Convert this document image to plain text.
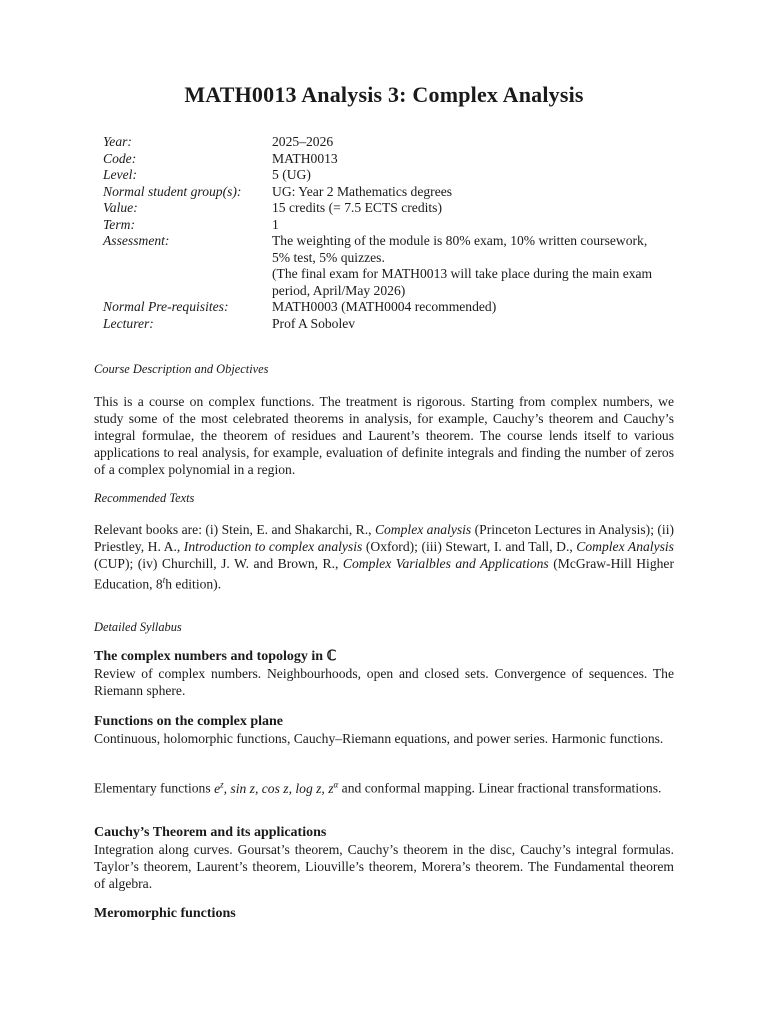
MATH0013 Analysis 3: Complex Analysis
Year:	2025–2026
Code:	MATH0013
Level:	5 (UG)
Normal student group(s):	UG: Year 2 Mathematics degrees
Value:	15 credits (= 7.5 ECTS credits)
Term:	1
Assessment:	The weighting of the module is 80% exam, 10% written coursework,
5% test, 5% quizzes.
(The final exam for MATH0013 will take place during the main exam
period, April/May 2026)
Normal Pre-requisites:	MATH0003 (MATH0004 recommended)
Lecturer:	Prof A Sobolev
Course Description and Objectives
This is a course on complex functions. The treatment is rigorous. Starting from complex numbers, we study some of the most celebrated theorems in analysis, for example, Cauchy’s theorem and Cauchy’s integral formulae, the theorem of residues and Laurent’s theorem. The course lends itself to various applications to real analysis, for example, evaluation of definite integrals and finding the number of zeros of a complex polynomial in a region.
Recommended Texts
Relevant books are: (i) Stein, E. and Shakarchi, R., Complex analysis (Princeton Lectures in Analysis); (ii) Priestley, H. A., Introduction to complex analysis (Oxford); (iii) Stewart, I. and Tall, D., Complex Analysis (CUP); (iv) Churchill, J. W. and Brown, R., Complex Varialbles and Applications (McGraw-Hill Higher Education, 8$^t$h edition).
Detailed Syllabus
The complex numbers and topology in ℂ
Review of complex numbers. Neighbourhoods, open and closed sets. Convergence of sequences. The Riemann sphere.
Functions on the complex plane
Continuous, holomorphic functions, Cauchy–Riemann equations, and power series. Harmonic functions.
Elementary functions $e^z$, sin z, cos z, log z, $z^\alpha$ and conformal mapping. Linear fractional transformations.
Cauchy’s Theorem and its applications
Integration along curves. Goursat’s theorem, Cauchy’s theorem in the disc, Cauchy’s integral formulas. Taylor’s theorem, Laurent’s theorem, Liouville’s theorem, Morera’s theorem. The Fundamental theorem of algebra.
Meromorphic functions
